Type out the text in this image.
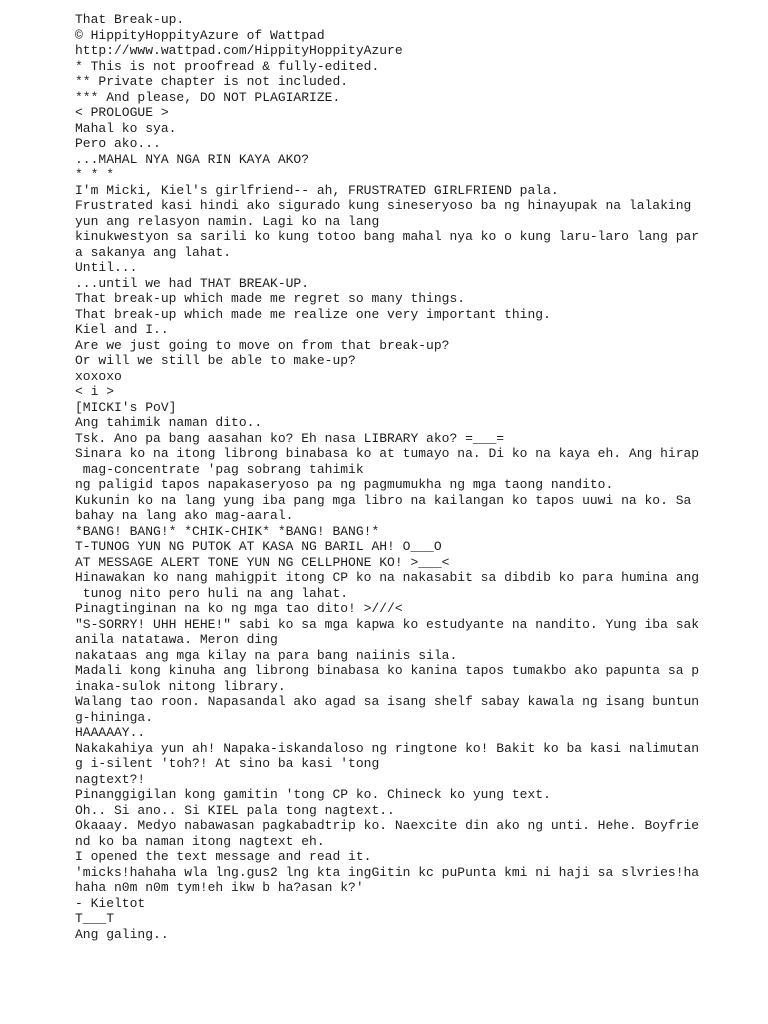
That Break-up.
© HippityHoppityAzure of Wattpad
http://www.wattpad.com/HippityHoppityAzure
* This is not proofread & fully-edited.
** Private chapter is not included.
*** And please, DO NOT PLAGIARIZE.
< PROLOGUE >
Mahal ko sya.
Pero ako...
...MAHAL NYA NGA RIN KAYA AKO?
* * *
I'm Micki, Kiel's girlfriend-- ah, FRUSTRATED GIRLFRIEND pala.
Frustrated kasi hindi ako sigurado kung sineseryoso ba ng hinayupak na lalaking
yun ang relasyon namin. Lagi ko na lang
kinukwestyon sa sarili ko kung totoo bang mahal nya ko o kung laru-laro lang par
a sakanya ang lahat.
Until...
...until we had THAT BREAK-UP.
That break-up which made me regret so many things.
That break-up which made me realize one very important thing.
Kiel and I..
Are we just going to move on from that break-up?
Or will we still be able to make-up?
xoxoxo
< i >
[MICKI's PoV]
Ang tahimik naman dito..
Tsk. Ano pa bang aasahan ko? Eh nasa LIBRARY ako? =___=
Sinara ko na itong librong binabasa ko at tumayo na. Di ko na kaya eh. Ang hirap
mag-concentrate 'pag sobrang tahimik
ng paligid tapos napakaseryoso pa ng pagmumukha ng mga taong nandito.
Kukunin ko na lang yung iba pang mga libro na kailangan ko tapos uuwi na ko. Sa
bahay na lang ako mag-aaral.
*BANG! BANG!* *CHIK-CHIK* *BANG! BANG!*
T-TUNOG YUN NG PUTOK AT KASA NG BARIL AH! O___O
AT MESSAGE ALERT TONE YUN NG CELLPHONE KO! >___<
Hinawakan ko nang mahigpit itong CP ko na nakasabit sa dibdib ko para humina ang
tunog nito pero huli na ang lahat.
Pinagtinginan na ko ng mga tao dito! >///<
"S-SORRY! UHH HEHE!" sabi ko sa mga kapwa ko estudyante na nandito. Yung iba sak
anila natatawa. Meron ding
nakataas ang mga kilay na para bang naiinis sila.
Madali kong kinuha ang librong binabasa ko kanina tapos tumakbo ako papunta sa p
inaka-sulok nitong library.
Walang tao roon. Napasandal ako agad sa isang shelf sabay kawala ng isang buntun
g-hininga.
HAAAAAY..
Nakakahiya yun ah! Napaka-iskandaloso ng ringtone ko! Bakit ko ba kasi nalimutan
g i-silent 'toh?! At sino ba kasi 'tong
nagtext?!
Pinanggigilan kong gamitin 'tong CP ko. Chineck ko yung text.
Oh.. Si ano.. Si KIEL pala tong nagtext..
Okaaay. Medyo nabawasan pagkabadtrip ko. Naexcite din ako ng unti. Hehe. Boyfrie
nd ko ba naman itong nagtext eh.
I opened the text message and read it.
'micks!hahaha wla lng.gus2 lng kta ingGitin kc puPunta kmi ni haji sa slvries!ha
haha n0m n0m tym!eh ikw b ha?asan k?'
- Kieltot
T___T
Ang galing..
